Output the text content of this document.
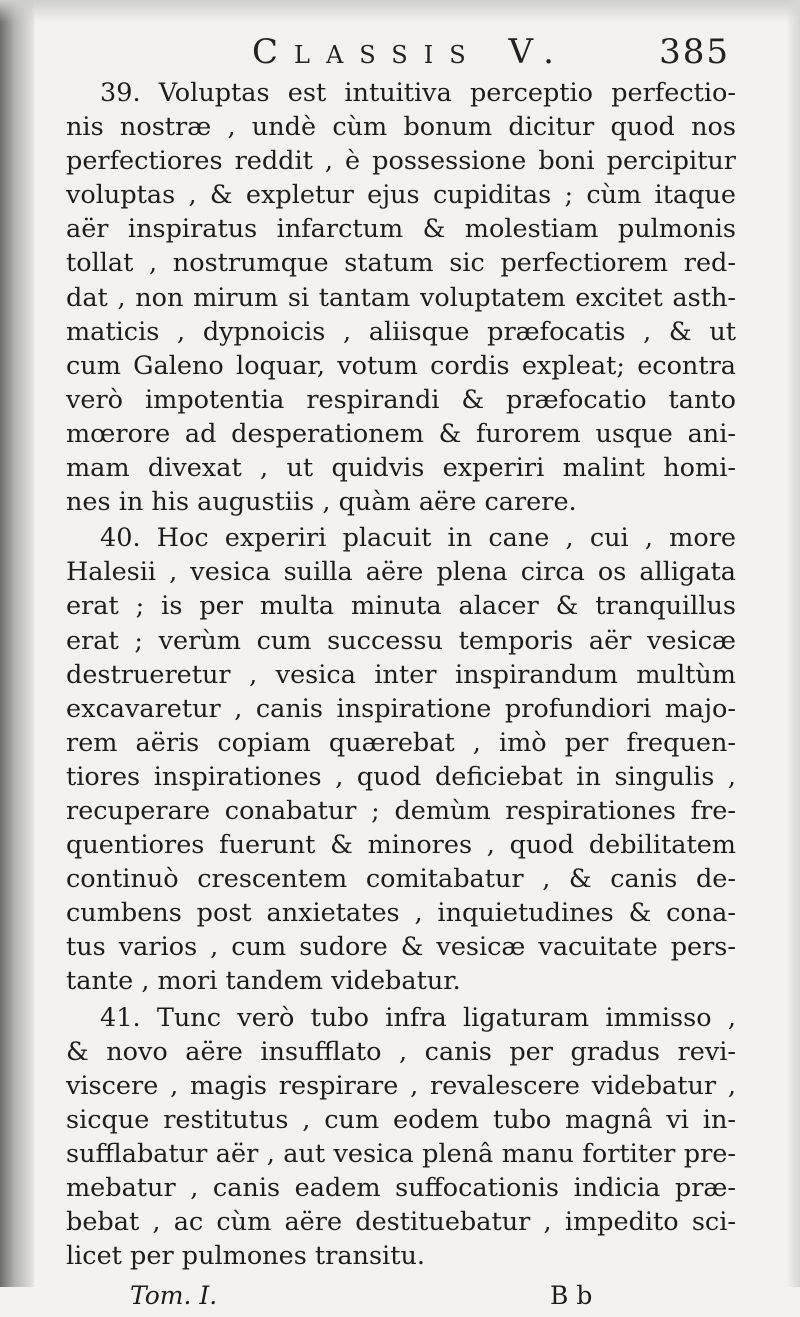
Classis V.	385
39. Voluptas est intuitiva perceptio perfectio-
nis nostræ , undè cùm bonum dicitur quod nos
perfectiores reddit , è possessione boni percipitur
voluptas , & expletur ejus cupiditas ; cùm itaque
aër inspiratus infarctum & molestiam pulmonis
tollat , nostrumque statum sic perfectiorem red-
dat , non mirum si tantam voluptatem excitet asth-
maticis , dypnoicis , aliisque præfocatis , & ut
cum Galeno loquar, votum cordis expleat; econtra
verò impotentia respirandi & præfocatio tanto
mœrore ad desperationem & furorem usque ani-
mam divexat , ut quidvis experiri malint homi-
nes in his augustiis , quàm aëre carere.
40. Hoc experiri placuit in cane , cui , more
Halesii , vesica suilla aëre plena circa os alligata
erat ; is per multa minuta alacer & tranquillus
erat ; verùm cum successu temporis aër vesicæ
destrueretur , vesica inter inspirandum multùm
excavaretur , canis inspiratione profundiori majo-
rem aëris copiam quærebat , imò per frequen-
tiores inspirationes , quod deficiebat in singulis ,
recuperare conabatur ; demùm respirationes fre-
quentiores fuerunt & minores , quod debilitatem
continuò crescentem comitabatur , & canis de-
cumbens post anxietates , inquietudines & cona-
tus varios , cum sudore & vesicæ vacuitate pers-
tante , mori tandem videbatur.
41. Tunc verò tubo infra ligaturam immisso ,
& novo aëre insufflato , canis per gradus revi-
viscere , magis respirare , revalescere videbatur ,
sicque restitutus , cum eodem tubo magnâ vi in-
sufflabatur aër , aut vesica plenâ manu fortiter pre-
mebatur , canis eadem suffocationis indicia præ-
bebat , ac cùm aëre destituebatur , impedito sci-
licet per pulmones transitu.
Tom. I.	B b
